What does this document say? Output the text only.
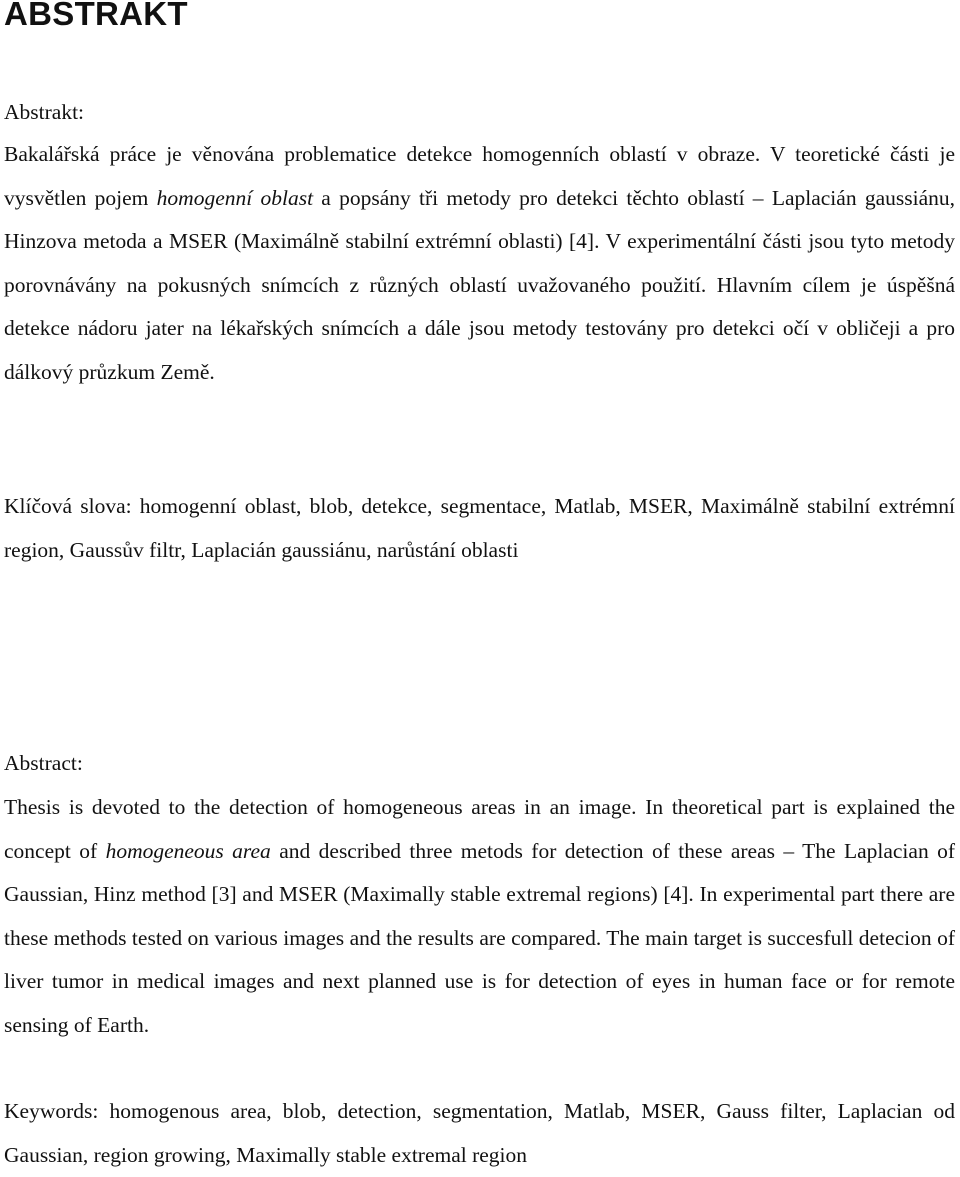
ABSTRAKT
Abstrakt:

Bakalářská práce je věnována problematice detekce homogenních oblastí v obraze. V teoretické části je vysvětlen pojem homogenní oblast a popsány tři metody pro detekci těchto oblastí – Laplacián gaussiánu, Hinzova metoda a MSER (Maximálně stabilní extrémní oblasti) [4]. V experimentální části jsou tyto metody porovnávány na pokusných snímcích z různých oblastí uvažovaného použití. Hlavním cílem je úspěšná detekce nádoru jater na lékařských snímcích a dále jsou metody testovány pro detekci očí v obličeji a pro dálkový průzkum Země.

Klíčová slova: homogenní oblast, blob, detekce, segmentace, Matlab, MSER, Maximálně stabilní extrémní region, Gaussův filtr, Laplacián gaussiánu, narůstání oblasti

Abstract:

Thesis is devoted to the detection of homogeneous areas in an image. In theoretical part is explained the concept of homogeneous area and described three metods for detection of these areas – The Laplacian of Gaussian, Hinz method [3] and MSER (Maximally stable extremal regions) [4]. In experimental part there are these methods tested on various images and the results are compared. The main target is succesfull detecion of liver tumor in medical images and next planned use is for detection of eyes in human face or for remote sensing of Earth.

Keywords: homogenous area, blob, detection, segmentation, Matlab, MSER, Gauss filter, Laplacian od Gaussian, region growing, Maximally stable extremal region
